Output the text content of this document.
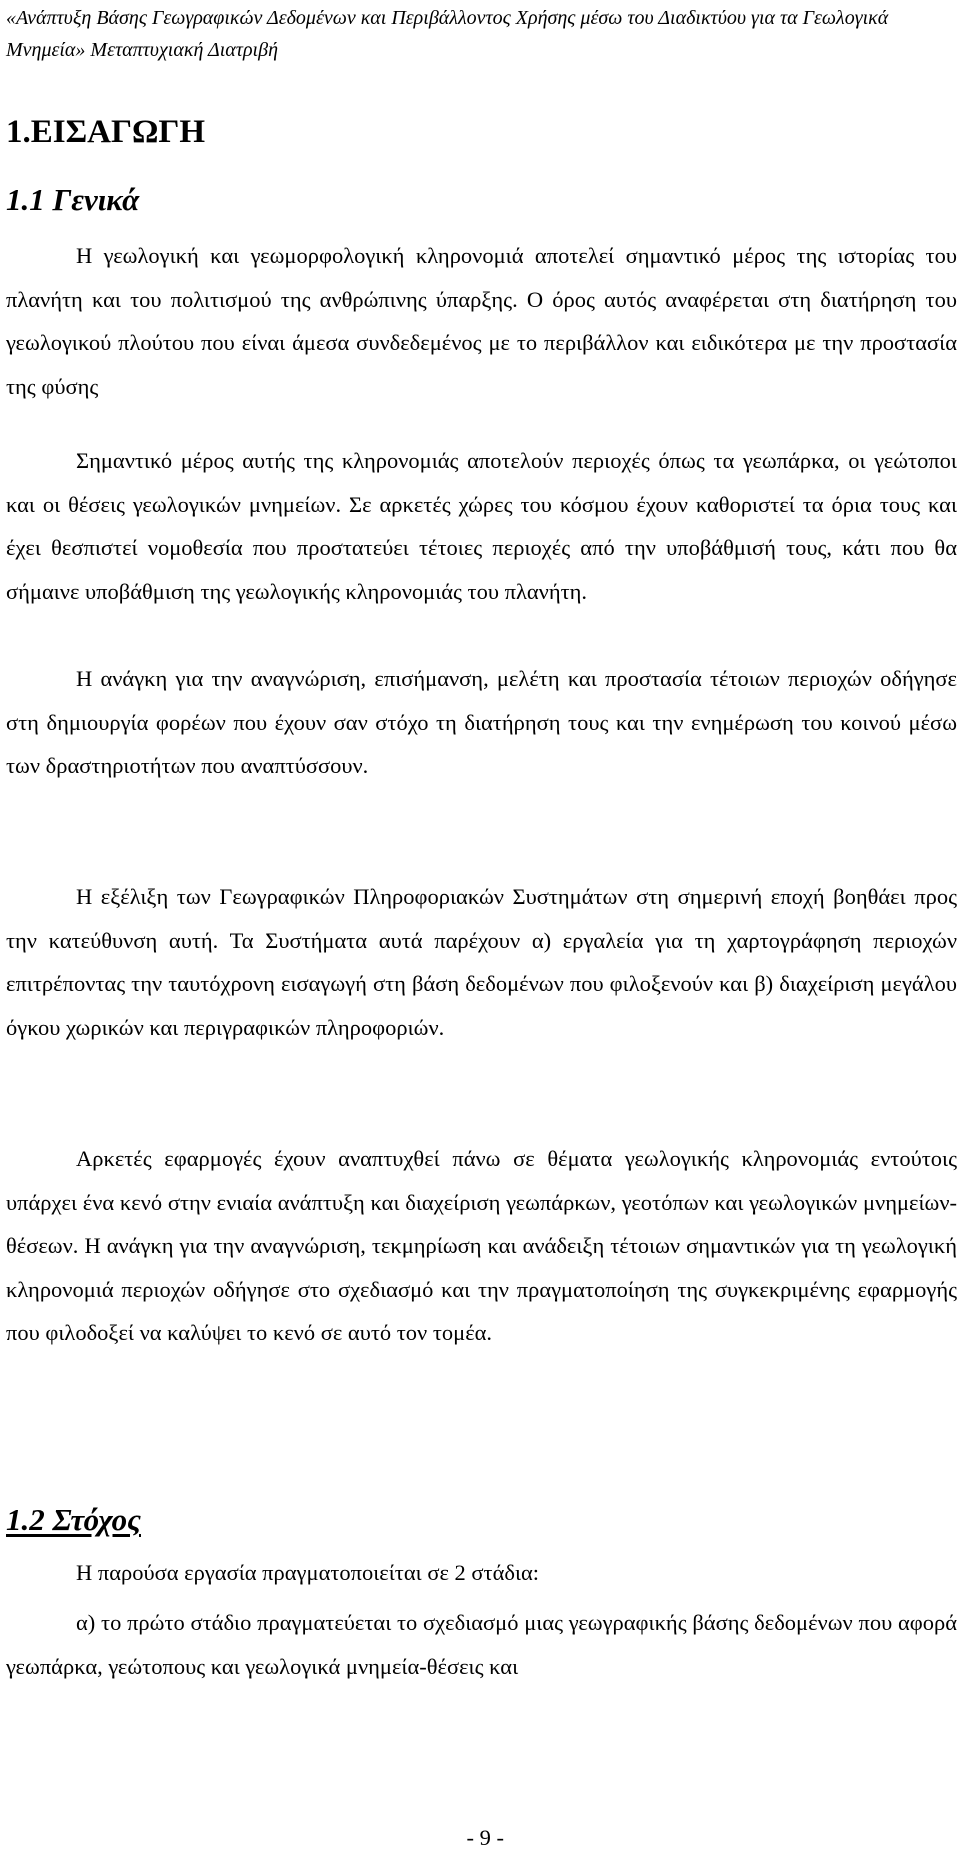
«Ανάπτυξη Βάσης Γεωγραφικών Δεδομένων και Περιβάλλοντος Χρήσης μέσω του Διαδικτύου για τα Γεωλογικά Μνημεία» Μεταπτυχιακή Διατριβή
1.ΕΙΣΑΓΩΓΗ
1.1 Γενικά

Η γεωλογική και γεωμορφολογική κληρονομιά αποτελεί σημαντικό μέρος της ιστορίας του πλανήτη και του πολιτισμού της ανθρώπινης ύπαρξης. Ο όρος αυτός αναφέρεται στη διατήρηση του γεωλογικού πλούτου που είναι άμεσα συνδεδεμένος με το περιβάλλον και ειδικότερα με την προστασία της φύσης

Σημαντικό μέρος αυτής της κληρονομιάς αποτελούν περιοχές όπως τα γεωπάρκα, οι γεώτοποι και οι θέσεις γεωλογικών μνημείων. Σε αρκετές χώρες του κόσμου έχουν καθοριστεί τα όρια τους και έχει θεσπιστεί νομοθεσία που προστατεύει τέτοιες περιοχές από την υποβάθμισή τους, κάτι που θα σήμαινε υποβάθμιση της γεωλογικής κληρονομιάς του πλανήτη.

Η ανάγκη για την αναγνώριση, επισήμανση, μελέτη και προστασία τέτοιων περιοχών οδήγησε στη δημιουργία φορέων που έχουν σαν στόχο τη διατήρηση τους και την ενημέρωση του κοινού μέσω των δραστηριοτήτων που αναπτύσσουν.

Η εξέλιξη των Γεωγραφικών Πληροφοριακών Συστημάτων στη σημερινή εποχή βοηθάει προς την κατεύθυνση αυτή. Τα Συστήματα αυτά παρέχουν α) εργαλεία για τη χαρτογράφηση περιοχών επιτρέποντας την ταυτόχρονη εισαγωγή στη βάση δεδομένων που φιλοξενούν και β) διαχείριση μεγάλου όγκου χωρικών και περιγραφικών πληροφοριών.

Αρκετές εφαρμογές έχουν αναπτυχθεί πάνω σε θέματα γεωλογικής κληρονομιάς εντούτοις υπάρχει ένα κενό στην ενιαία ανάπτυξη και διαχείριση γεωπάρκων, γεοτόπων και γεωλογικών μνημείων-θέσεων. Η ανάγκη για την αναγνώριση, τεκμηρίωση και ανάδειξη τέτοιων σημαντικών για τη γεωλογική κληρονομιά περιοχών οδήγησε στο σχεδιασμό και την πραγματοποίηση της συγκεκριμένης εφαρμογής που φιλοδοξεί να καλύψει το κενό σε αυτό τον τομέα.

1.2 Στόχος

Η παρούσα εργασία πραγματοποιείται σε 2 στάδια:

α) το πρώτο στάδιο πραγματεύεται το σχεδιασμό μιας γεωγραφικής βάσης δεδομένων που αφορά γεωπάρκα, γεώτοπους και γεωλογικά μνημεία-θέσεις και

- 9 -
